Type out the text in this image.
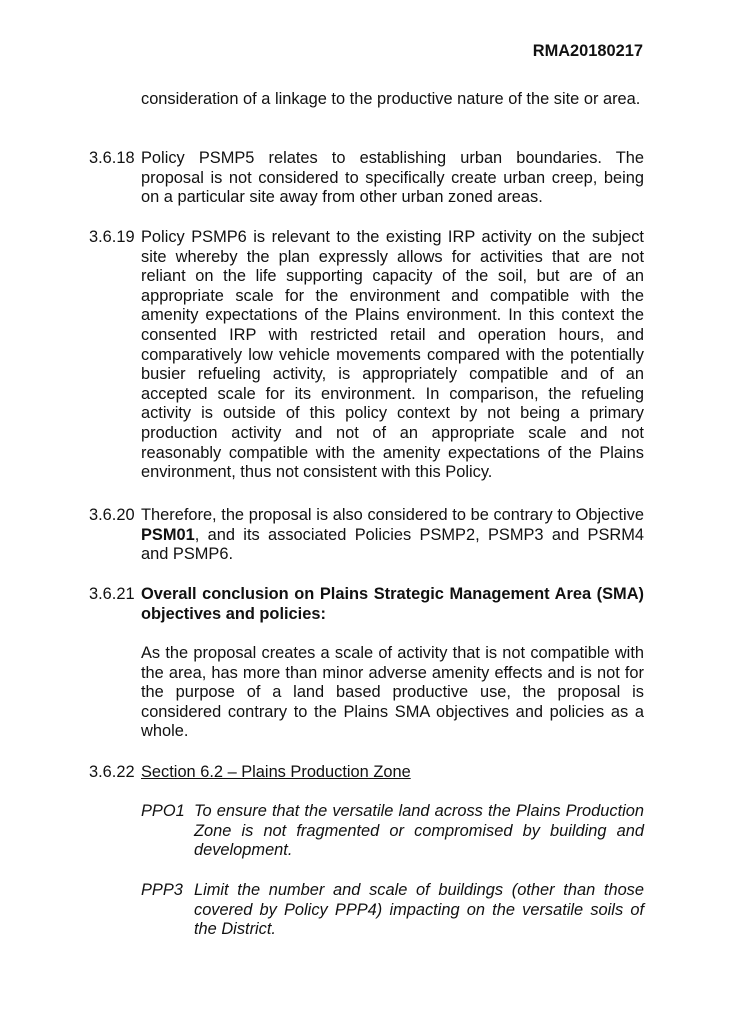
RMA20180217
consideration of a linkage to the productive nature of the site or area.
3.6.18 Policy PSMP5 relates to establishing urban boundaries. The proposal is not considered to specifically create urban creep, being on a particular site away from other urban zoned areas.
3.6.19 Policy PSMP6 is relevant to the existing IRP activity on the subject site whereby the plan expressly allows for activities that are not reliant on the life supporting capacity of the soil, but are of an appropriate scale for the environment and compatible with the amenity expectations of the Plains environment. In this context the consented IRP with restricted retail and operation hours, and comparatively low vehicle movements compared with the potentially busier refueling activity, is appropriately compatible and of an accepted scale for its environment. In comparison, the refueling activity is outside of this policy context by not being a primary production activity and not of an appropriate scale and not reasonably compatible with the amenity expectations of the Plains environment, thus not consistent with this Policy.
3.6.20 Therefore, the proposal is also considered to be contrary to Objective PSM01, and its associated Policies PSMP2, PSMP3 and PSRM4 and PSMP6.
3.6.21 Overall conclusion on Plains Strategic Management Area (SMA) objectives and policies:
As the proposal creates a scale of activity that is not compatible with the area, has more than minor adverse amenity effects and is not for the purpose of a land based productive use, the proposal is considered contrary to the Plains SMA objectives and policies as a whole.
3.6.22 Section 6.2 – Plains Production Zone
PPO1 To ensure that the versatile land across the Plains Production Zone is not fragmented or compromised by building and development.
PPP3 Limit the number and scale of buildings (other than those covered by Policy PPP4) impacting on the versatile soils of the District.
